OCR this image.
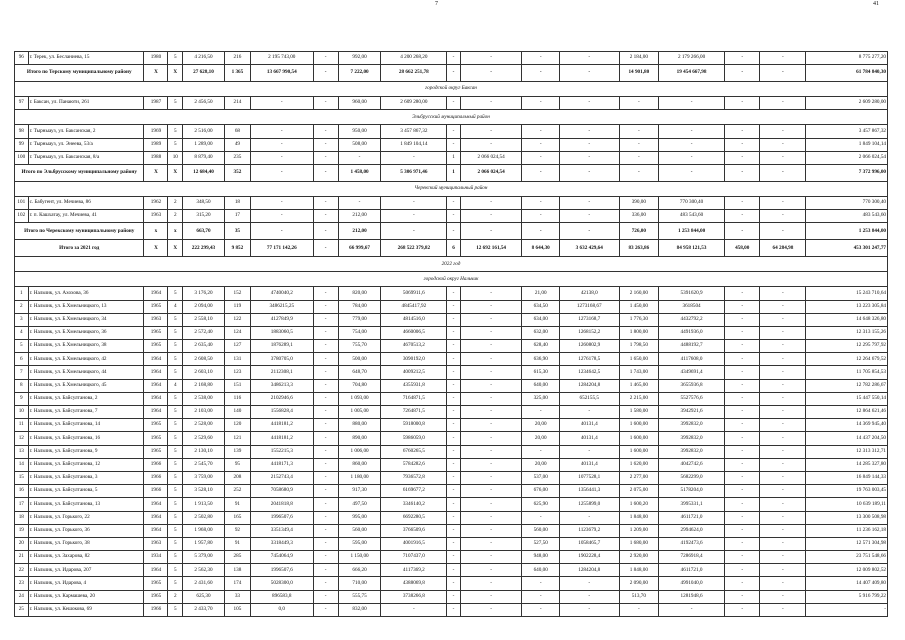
7	41
96	г. Терек, ул. Бесланиева, 15	1980	5	4 216,50	216	2 195 743,00	-	992,00	4 200 268,20	-	-	-	-	2 184,00	2 179 266,00	-	-	8 775 277,20
Итого по Терскому муниципальному району		X	X	27 628,10	1 365	13 667 990,54	-	7 222,00	28 662 251,78	-	-	-	-	14 901,80	19 454 667,98	-	-	61 784 840,30
городской округ Баксан																		
97	г. Баксан, ул. Панаюти, 261	1987	5	2 456,50	214	-	-	960,00	2 609 280,00	-	-	-	-	-	-	-	-	2 609 280,00
Эльбрусский муниципальный район																		
98	г. Тырныауз, ул. Баксанская, 2	1969	5	2 516,00	68	-	-	950,00	3 457 867,32	-	-	-	-	-	-	-	-	3 457 867,32
99	г. Тырныауз, ул. Энеева, 53/а	1989	5	1 289,00	49	-	-	508,00	1 849 104,14	-	-	-	-	-	-	-	-	1 849 104,14
100	г. Тырныауз, ул. Баксанская, 8/а	1988	10	8 879,40	235	-	-	-	-	1	2 066 024,54	-	-	-	-	-	-	2 066 024,54
Итого по Эльбрусскому муниципальному району		X	X	12 684,40	352	-	-	1 458,00	5 306 971,46	1	2 066 024,54	-	-	-	-	-	-	7 372 996,00
Черекский муниципальный район																		
101	с. Бабугент, ул. Мечиева, 86	1962	2	348,50	18	-	-	-	-	-	-	-	-	390,00	770 300,40	-	-	770 300,40
102	г. п. Кашхатау, ул. Мечиева, 41	1963	2	315,20	17	-	-	212,00	-	-	-	-	-	336,00	483 543,60	-	-	483 543,60
Итого по Черекскому муниципальному району		х	х	663,70	35	-	-	212,00	-	-	-	-	-	726,00	1 253 844,00	-	-	1 253 844,00
Итого за 2021 год		X	X	222 299,43	9 852	77 171 142,26	-	66 999,67	268 522 379,82	6	12 692 161,54	8 644,30	3 632 429,64	83 263,86	84 958 121,53	458,00	64 284,98	453 301 247,77
2022 год																		
городской округ Нальчик																		
1	г. Нальчик, ул. Ахохова, 36	1964	5	3 176,20	152	4740040,2	-	820,00	5069911,6	-	-	21,00	42138,0	2 160,00	5391620,9	-	-	15 243 710,64
2	г. Нальчик, ул. Б.Хмельницкого, 13	1965	4	2 094,00	119	3486215,25	-	784,00	4845417,92	-	-	634,50	1273168,67	1 450,00	3618504	-	-	13 223 305,84
3	г. Нальчик, ул. Б.Хмельницкого, 34	1963	5	2 558,10	122	4127849,9	-	779,00	4814516,0	-	-	634,00	1273168,7	1 776,30	4432792,2	-	-	14 648 326,80
4	г. Нальчик, ул. Б.Хмельницкого, 36	1965	5	2 572,40	124	1883060,5	-	754,00	4660006,5	-	-	632,00	1268152,2	1 800,00	4491936,0	-	-	12 313 155,26
5	г. Нальчик, ул. Б.Хмельницкого, 38	1965	5	2 635,40	127	1876289,1	-	755,70	4670513,2	-	-	628,40	1260802,9	1 798,50	4488192,7	-	-	12 295 797,92
6	г. Нальчик, ул. Б.Хмельницкого, 42	1964	5	2 608,50	131	3780705,0	-	500,00	3090192,0	-	-	636,90	1276178,5	1 650,00	4117608,0	-	-	12 264 679,52
7	г. Нальчик, ул. Б.Хмельницкого, 44	1964	5	2 603,10	123	2112308,1	-	648,70	4009212,5	-	-	615,30	1234642,5	1 743,00	4349691,4	-	-	11 705 854,53
8	г. Нальчик, ул. Б.Хмельницкого, 45	1964	4	2 168,80	151	3486213,3	-	704,80	4355931,8	-	-	640,00	1284204,8	1 465,00	3655936,8	-	-	12 782 286,67
9	г. Нальчик, ул. Байсултанова, 2	1964	5	2 538,00	116	2102946,6	-	1 093,00	7164871,5	-	-	325,00	652155,5	2 215,00	5527576,6	-	-	15 447 550,14
10	г. Нальчик, ул. Байсултанова, 7	1964	5	2 103,00	140	1556828,4	-	1 005,00	7264871,5	-	-	-	-	1 580,00	3942921,6	-	-	12 864 621,46
11	г. Нальчик, ул. Байсултанова, 14	1965	5	2 528,00	120	4418181,2	-	880,00	5918000,8	-	-	20,00	40131,4	1 600,00	3992832,0	-	-	14 369 945,40
12	г. Нальчик, ул. Байсултанова, 16	1965	5	2 529,60	121	4418181,2	-	890,00	5986059,0	-	-	20,00	40131,4	1 600,00	3992832,0	-	-	14 437 204,50
13	г. Нальчик, ул. Байсултанова, 9	1965	5	2 130,10	139	1552215,3	-	1 006,00	6760265,5	-	-	-	-	1 600,00	3992832,0	-	-	12 313 312,71
14	г. Нальчик, ул. Байсултанова, 12	1966	5	2 545,70	95	4418171,3	-	860,00	5784282,6	-	-	20,00	40131,4	1 620,00	4042742,6	-	-	14 285 327,80
15	г. Нальчик, ул. Байсултанова, 3	1966	5	3 759,00	208	2152743,4	-	1 180,00	7936572,8	-	-	537,00	1077528,1	2 277,00	5682299,0	-	-	16 849 144,33
16	г. Нальчик, ул. Байсултанова, 5	1966	5	3 528,10	252	7058680,9	-	917,30	6169677,2	-	-	676,00	1356441,3	2 075,00	5178204,0	-	-	19 763 003,45
17	г. Нальчик, ул. Байсултанова, 13	1964	5	1 913,50	91	2041818,8	-	497,50	3346140,2	-	-	625,90	1255899,0	1 600,20	3995331,1	-	-	10 639 189,11
18	г. Нальчик, ул. Горького, 22	1964	5	2 502,80	165	1996507,6	-	995,00	6692280,5	-	-	-	-	1 848,00	4611721,0	-	-	13 300 508,98
19	г. Нальчик, ул. Горького, 36	1964	5	1 968,00	92	3351349,4	-	560,00	3766509,6	-	-	560,00	1123679,2	1 209,00	2994624,0	-	-	11 236 162,18
20	г. Нальчик, ул. Горького, 38	1963	5	1 957,80	91	3318449,3	-	595,00	4001916,5	-	-	527,50	1058465,7	1 680,00	4192473,6	-	-	12 571 304,98
21	г. Нальчик, ул. Захарова, 82	1934	5	5 379,00	285	7454064,9	-	1 150,00	7107437,0	-	-	948,00	1902228,4	2 920,00	7286918,4	-	-	23 751 548,66
22	г. Нальчик, ул. Идарова, 207	1964	5	2 562,30	138	1996507,6	-	666,20	4117369,2	-	-	640,00	1284204,8	1 848,00	4611721,0	-	-	12 009 802,52
23	г. Нальчик, ул. Идарова, 4	1965	5	2 431,60	174	5028300,0	-	710,00	4388069,8	-	-	-	-	2 090,00	4991040,0	-	-	14 407 409,80
24	г. Нальчик, ул. Кармашева, 20	1965	2	625,30	33	896583,8	-	555,75	3738266,8	-	-	-	-	513,70	1281948,6	-	-	5 916 799,22
25	г. Нальчик, ул. Кешокова, 69	1966	5	2 433,70	105	0,0	-	832,00	-	-	-	-	-	-	-	-	-	-
